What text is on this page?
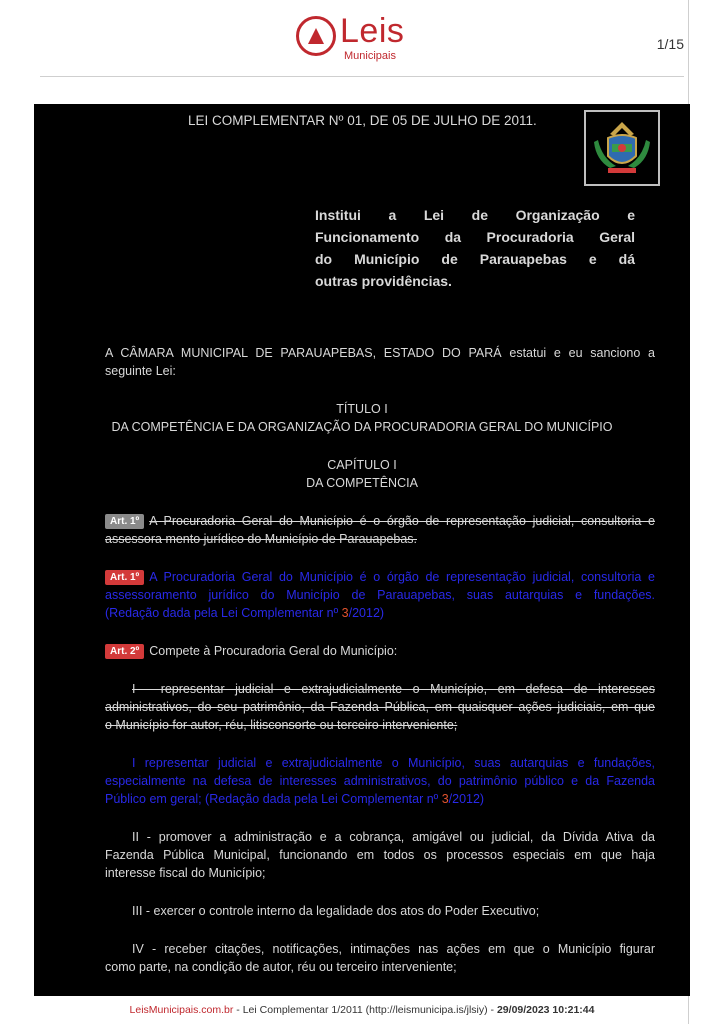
Leis
Municipais
1/15
LEI COMPLEMENTAR Nº 01, DE 05 DE JULHO DE 2011.
Institui a Lei de Organização e
Funcionamento da Procuradoria Geral
do Município de Parauapebas e dá
outras providências.
A CÂMARA MUNICIPAL DE PARAUAPEBAS, ESTADO DO PARÁ estatui e eu sanciono a
seguinte Lei:
TÍTULO I
DA COMPETÊNCIA E DA ORGANIZAÇÃO DA PROCURADORIA GERAL DO MUNICÍPIO
CAPÍTULO I
DA COMPETÊNCIA
Art. 1º A Procuradoria Geral do Município é o órgão de representação judicial, consultoria e
assessora mento jurídico do Município de Parauapebas.
Art. 1º A Procuradoria Geral do Município é o órgão de representação judicial, consultoria e
assessoramento jurídico do Município de Parauapebas, suas autarquias e fundações.
(Redação dada pela Lei Complementar nº 3/2012)
Art. 2º Compete à Procuradoria Geral do Município:
I - representar judicial e extrajudicialmente o Município, em defesa de interesses
administrativos, do seu patrimônio, da Fazenda Pública, em quaisquer ações judiciais, em que
o Município for autor, réu, litisconsorte ou terceiro interveniente;
I representar judicial e extrajudicialmente o Município, suas autarquias e fundações,
especialmente na defesa de interesses administrativos, do patrimônio público e da Fazenda
Público em geral; (Redação dada pela Lei Complementar nº 3/2012)
II - promover a administração e a cobrança, amigável ou judicial, da Dívida Ativa da
Fazenda Pública Municipal, funcionando em todos os processos especiais em que haja
interesse fiscal do Município;
III - exercer o controle interno da legalidade dos atos do Poder Executivo;
IV - receber citações, notificações, intimações nas ações em que o Município figurar
como parte, na condição de autor, réu ou terceiro interveniente;
LeisMunicipais.com.br - Lei Complementar 1/2011 (http://leismunicipa.is/jlsiy) - 29/09/2023 10:21:44
